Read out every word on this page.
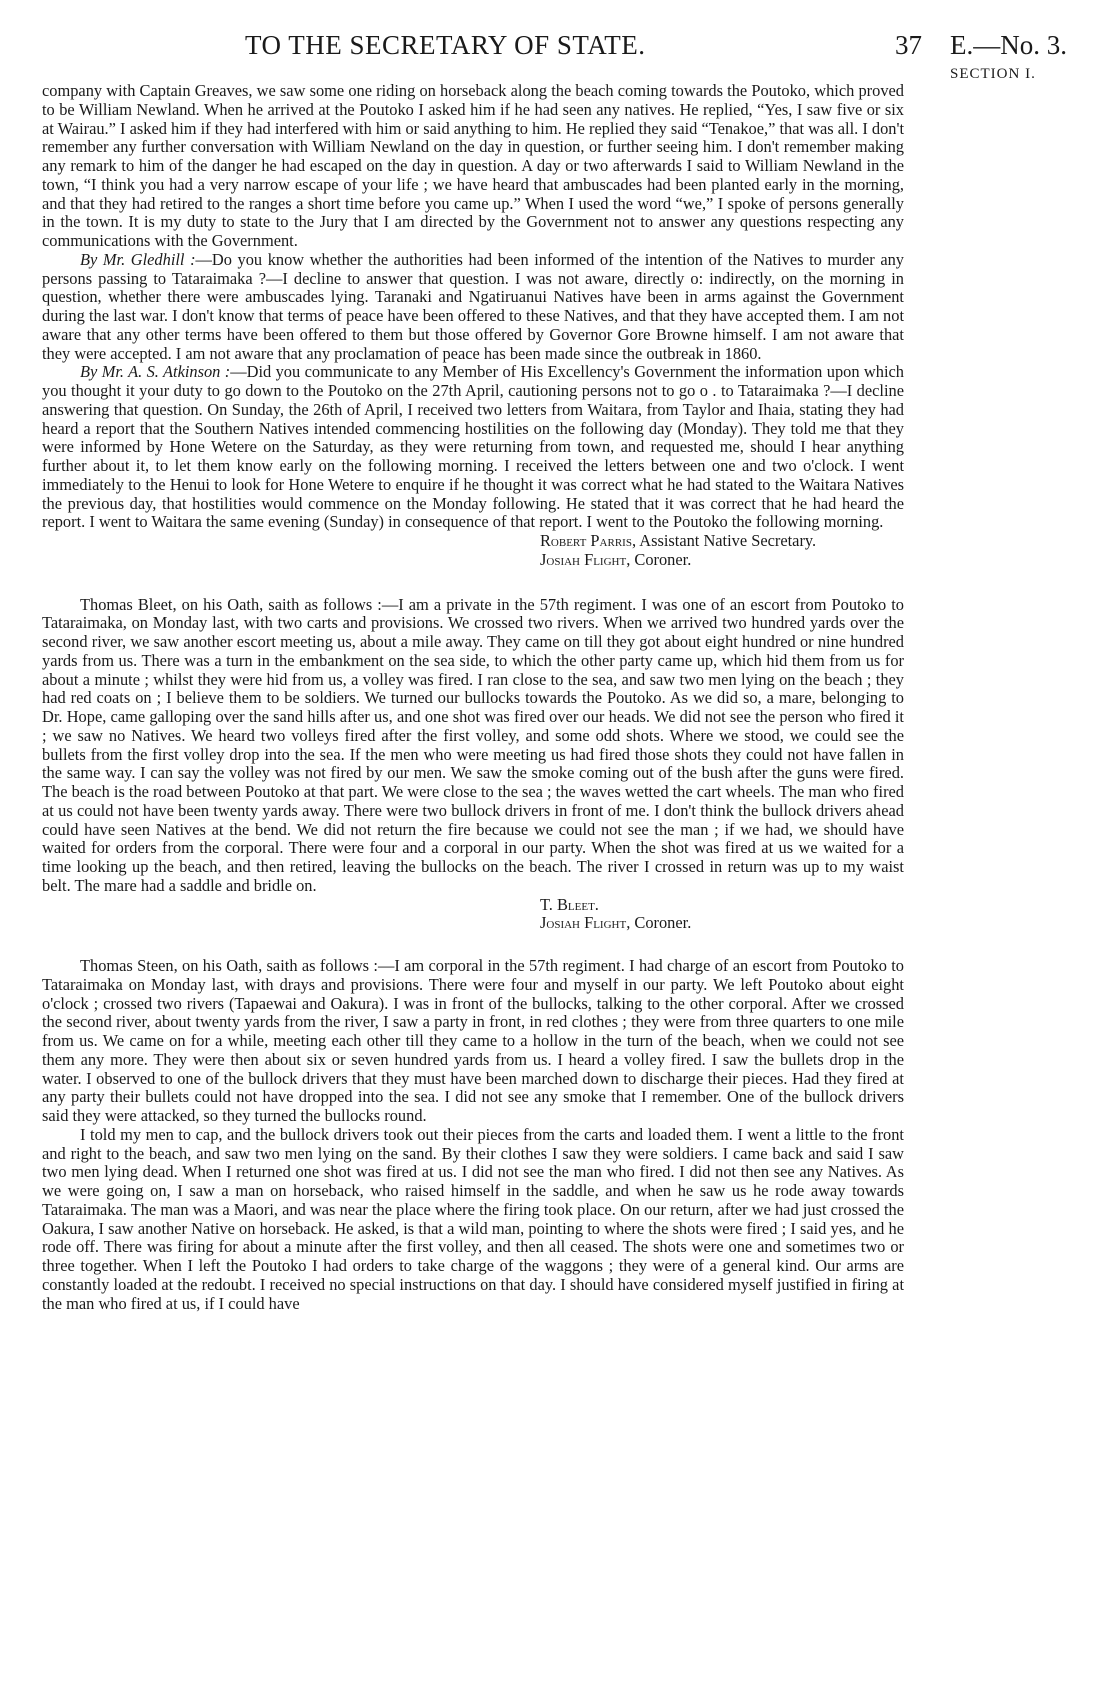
TO THE SECRETARY OF STATE.	37 E.—No. 3.
SECTION I.

company with Captain Greaves, we saw some one riding on horseback along the beach coming towards the Poutoko, which proved to be William Newland. When he arrived at the Poutoko I asked him if he had seen any natives. He replied, “Yes, I saw five or six at Wairau.” I asked him if they had interfered with him or said anything to him. He replied they said “Tenakoe,” that was all. I don't remember any further conversation with William Newland on the day in question, or further seeing him. I don't remember making any remark to him of the danger he had escaped on the day in question. A day or two afterwards I said to William Newland in the town, “I think you had a very narrow escape of your life ; we have heard that ambuscades had been planted early in the morning, and that they had retired to the ranges a short time before you came up.” When I used the word “we,” I spoke of persons generally in the town. It is my duty to state to the Jury that I am directed by the Government not to answer any questions respecting any communications with the Government.

By Mr. Gledhill :—Do you know whether the authorities had been informed of the intention of the Natives to murder any persons passing to Tataraimaka ?—I decline to answer that question. I was not aware, directly o: indirectly, on the morning in question, whether there were ambuscades lying. Taranaki and Ngatiruanui Natives have been in arms against the Government during the last war. I don't know that terms of peace have been offered to these Natives, and that they have accepted them. I am not aware that any other terms have been offered to them but those offered by Governor Gore Browne himself. I am not aware that they were accepted. I am not aware that any proclamation of peace has been made since the outbreak in 1860.

By Mr. A. S. Atkinson :—Did you communicate to any Member of His Excellency's Government the information upon which you thought it your duty to go down to the Poutoko on the 27th April, cautioning persons not to go o . to Tataraimaka ?—I decline answering that question. On Sunday, the 26th of April, I received two letters from Waitara, from Taylor and Ihaia, stating they had heard a report that the Southern Natives intended commencing hostilities on the following day (Monday). They told me that they were informed by Hone Wetere on the Saturday, as they were returning from town, and requested me, should I hear anything further about it, to let them know early on the following morning. I received the letters between one and two o'clock. I went immediately to the Henui to look for Hone Wetere to enquire if he thought it was correct what he had stated to the Waitara Natives the previous day, that hostilities would commence on the Monday following. He stated that it was correct that he had heard the report. I went to Waitara the same evening (Sunday) in consequence of that report. I went to the Poutoko the following morning.

Robert Parris, Assistant Native Secretary.
Josiah Flight, Coroner.

Thomas Bleet, on his Oath, saith as follows :—I am a private in the 57th regiment. I was one of an escort from Poutoko to Tataraimaka, on Monday last, with two carts and provisions. We crossed two rivers. When we arrived two hundred yards over the second river, we saw another escort meeting us, about a mile away. They came on till they got about eight hundred or nine hundred yards from us. There was a turn in the embankment on the sea side, to which the other party came up, which hid them from us for about a minute ; whilst they were hid from us, a volley was fired. I ran close to the sea, and saw two men lying on the beach ; they had red coats on ; I believe them to be soldiers. We turned our bullocks towards the Poutoko. As we did so, a mare, belonging to Dr. Hope, came galloping over the sand hills after us, and one shot was fired over our heads. We did not see the person who fired it ; we saw no Natives. We heard two volleys fired after the first volley, and some odd shots. Where we stood, we could see the bullets from the first volley drop into the sea. If the men who were meeting us had fired those shots they could not have fallen in the same way. I can say the volley was not fired by our men. We saw the smoke coming out of the bush after the guns were fired. The beach is the road between Poutoko at that part. We were close to the sea ; the waves wetted the cart wheels. The man who fired at us could not have been twenty yards away. There were two bullock drivers in front of me. I don't think the bullock drivers ahead could have seen Natives at the bend. We did not return the fire because we could not see the man ; if we had, we should have waited for orders from the corporal. There were four and a corporal in our party. When the shot was fired at us we waited for a time looking up the beach, and then retired, leaving the bullocks on the beach. The river I crossed in return was up to my waist belt. The mare had a saddle and bridle on.

T. Bleet.
Josiah Flight, Coroner.

Thomas Steen, on his Oath, saith as follows :—I am corporal in the 57th regiment. I had charge of an escort from Poutoko to Tataraimaka on Monday last, with drays and provisions. There were four and myself in our party. We left Poutoko about eight o'clock ; crossed two rivers (Tapaewai and Oakura). I was in front of the bullocks, talking to the other corporal. After we crossed the second river, about twenty yards from the river, I saw a party in front, in red clothes ; they were from three quarters to one mile from us. We came on for a while, meeting each other till they came to a hollow in the turn of the beach, when we could not see them any more. They were then about six or seven hundred yards from us. I heard a volley fired. I saw the bullets drop in the water. I observed to one of the bullock drivers that they must have been marched down to discharge their pieces. Had they fired at any party their bullets could not have dropped into the sea. I did not see any smoke that I remember. One of the bullock drivers said they were attacked, so they turned the bullocks round.

I told my men to cap, and the bullock drivers took out their pieces from the carts and loaded them. I went a little to the front and right to the beach, and saw two men lying on the sand. By their clothes I saw they were soldiers. I came back and said I saw two men lying dead. When I returned one shot was fired at us. I did not see the man who fired. I did not then see any Natives. As we were going on, I saw a man on horseback, who raised himself in the saddle, and when he saw us he rode away towards Tataraimaka. The man was a Maori, and was near the place where the firing took place. On our return, after we had just crossed the Oakura, I saw another Native on horseback. He asked, is that a wild man, pointing to where the shots were fired ; I said yes, and he rode off. There was firing for about a minute after the first volley, and then all ceased. The shots were one and sometimes two or three together. When I left the Poutoko I had orders to take charge of the waggons ; they were of a general kind. Our arms are constantly loaded at the redoubt. I received no special instructions on that day. I should have considered myself justified in firing at the man who fired at us, if I could have
